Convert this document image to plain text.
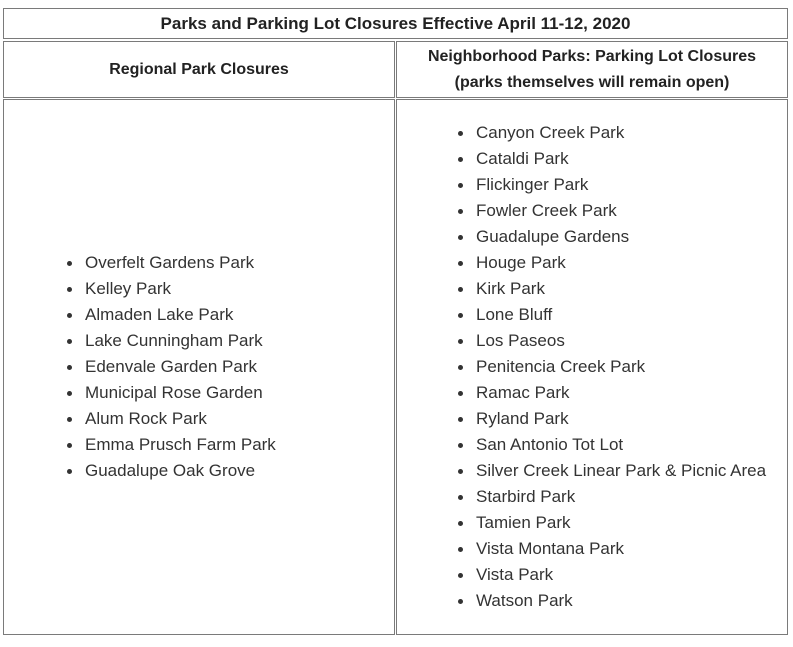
Parks and Parking Lot Closures Effective April 11-12, 2020
Regional Park Closures
Neighborhood Parks: Parking Lot Closures
(parks themselves will remain open)
Overfelt Gardens Park
Kelley Park
Almaden Lake Park
Lake Cunningham Park
Edenvale Garden Park
Municipal Rose Garden
Alum Rock Park
Emma Prusch Farm Park
Guadalupe Oak Grove
Canyon Creek Park
Cataldi Park
Flickinger Park
Fowler Creek Park
Guadalupe Gardens
Houge Park
Kirk Park
Lone Bluff
Los Paseos
Penitencia Creek Park
Ramac Park
Ryland Park
San Antonio Tot Lot
Silver Creek Linear Park & Picnic Area
Starbird Park
Tamien Park
Vista Montana Park
Vista Park
Watson Park
